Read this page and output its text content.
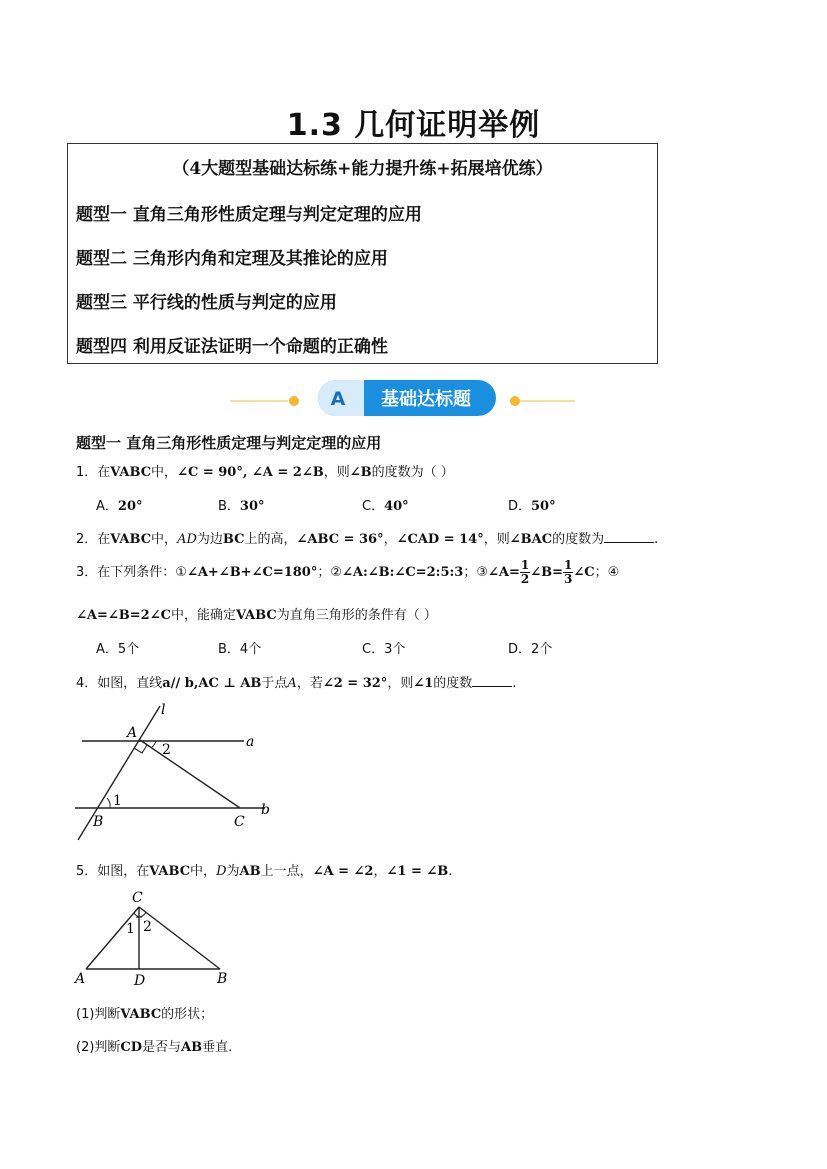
1.3 几何证明举例
（4大题型基础达标练+能力提升练+拓展培优练）
题型一 直角三角形性质定理与判定定理的应用
题型二 三角形内角和定理及其推论的应用
题型三 平行线的性质与判定的应用
题型四 利用反证法证明一个命题的正确性
A 基础达标题
题型一 直角三角形性质定理与判定定理的应用
1．在VABC中，∠C = 90°, ∠A = 2∠B，则∠B的度数为（ ）
A．20°	B．30°	C．40°	D．50°
2．在VABC中，AD为边BC上的高，∠ABC = 36°，∠CAD = 14°，则∠BAC的度数为	.
3．在下列条件：①∠A+∠B+∠C=180°；②∠A:∠B:∠C=2:5:3；③∠A= $\frac{1}{2}$ ∠B= $\frac{1}{3}$ ∠C；④
∠A=∠B=2∠C中，能确定VABC为直角三角形的条件有（ ）
A．5个	B．4个	C．3个	D．2个
4．如图，直线a// b,AC ⊥ AB于点A，若∠2 = 32°，则∠1的度数	.
l
A
2	a
1
B	C
b
5．如图，在VABC中，D为AB上一点，∠A = ∠2，∠1 = ∠B.
C
1 2
A	D	B
(1)判断VABC的形状；
(2)判断CD是否与AB垂直.
